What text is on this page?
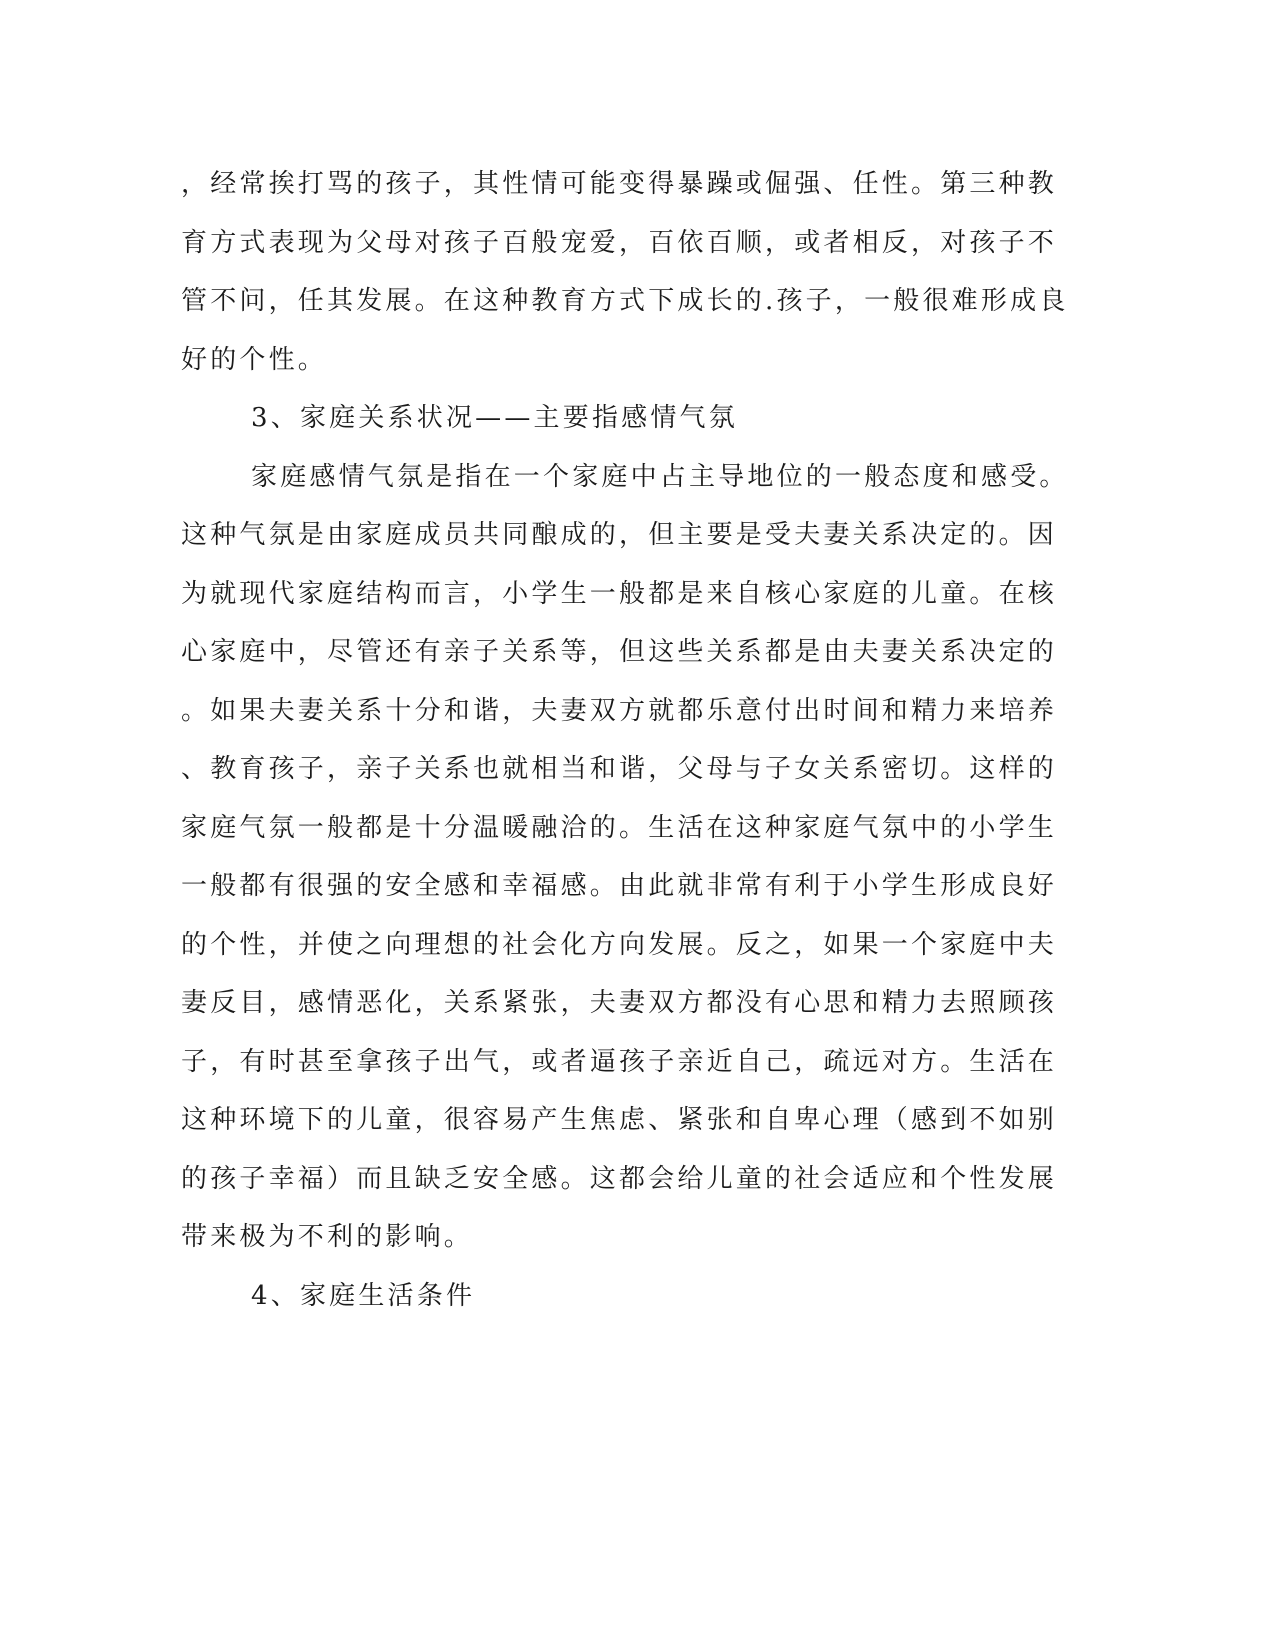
，经常挨打骂的孩子，其性情可能变得暴躁或倔强、任性。第三种教
育方式表现为父母对孩子百般宠爱，百依百顺，或者相反，对孩子不
管不问，任其发展。在这种教育方式下成长的.孩子，一般很难形成良
好的个性。
3、家庭关系状况——主要指感情气氛
家庭感情气氛是指在一个家庭中占主导地位的一般态度和感受。
这种气氛是由家庭成员共同酿成的，但主要是受夫妻关系决定的。因
为就现代家庭结构而言，小学生一般都是来自核心家庭的儿童。在核
心家庭中，尽管还有亲子关系等，但这些关系都是由夫妻关系决定的
。如果夫妻关系十分和谐，夫妻双方就都乐意付出时间和精力来培养
、教育孩子，亲子关系也就相当和谐，父母与子女关系密切。这样的
家庭气氛一般都是十分温暖融洽的。生活在这种家庭气氛中的小学生
一般都有很强的安全感和幸福感。由此就非常有利于小学生形成良好
的个性，并使之向理想的社会化方向发展。反之，如果一个家庭中夫
妻反目，感情恶化，关系紧张，夫妻双方都没有心思和精力去照顾孩
子，有时甚至拿孩子出气，或者逼孩子亲近自己，疏远对方。生活在
这种环境下的儿童，很容易产生焦虑、紧张和自卑心理（感到不如别
的孩子幸福）而且缺乏安全感。这都会给儿童的社会适应和个性发展
带来极为不利的影响。
4、家庭生活条件
